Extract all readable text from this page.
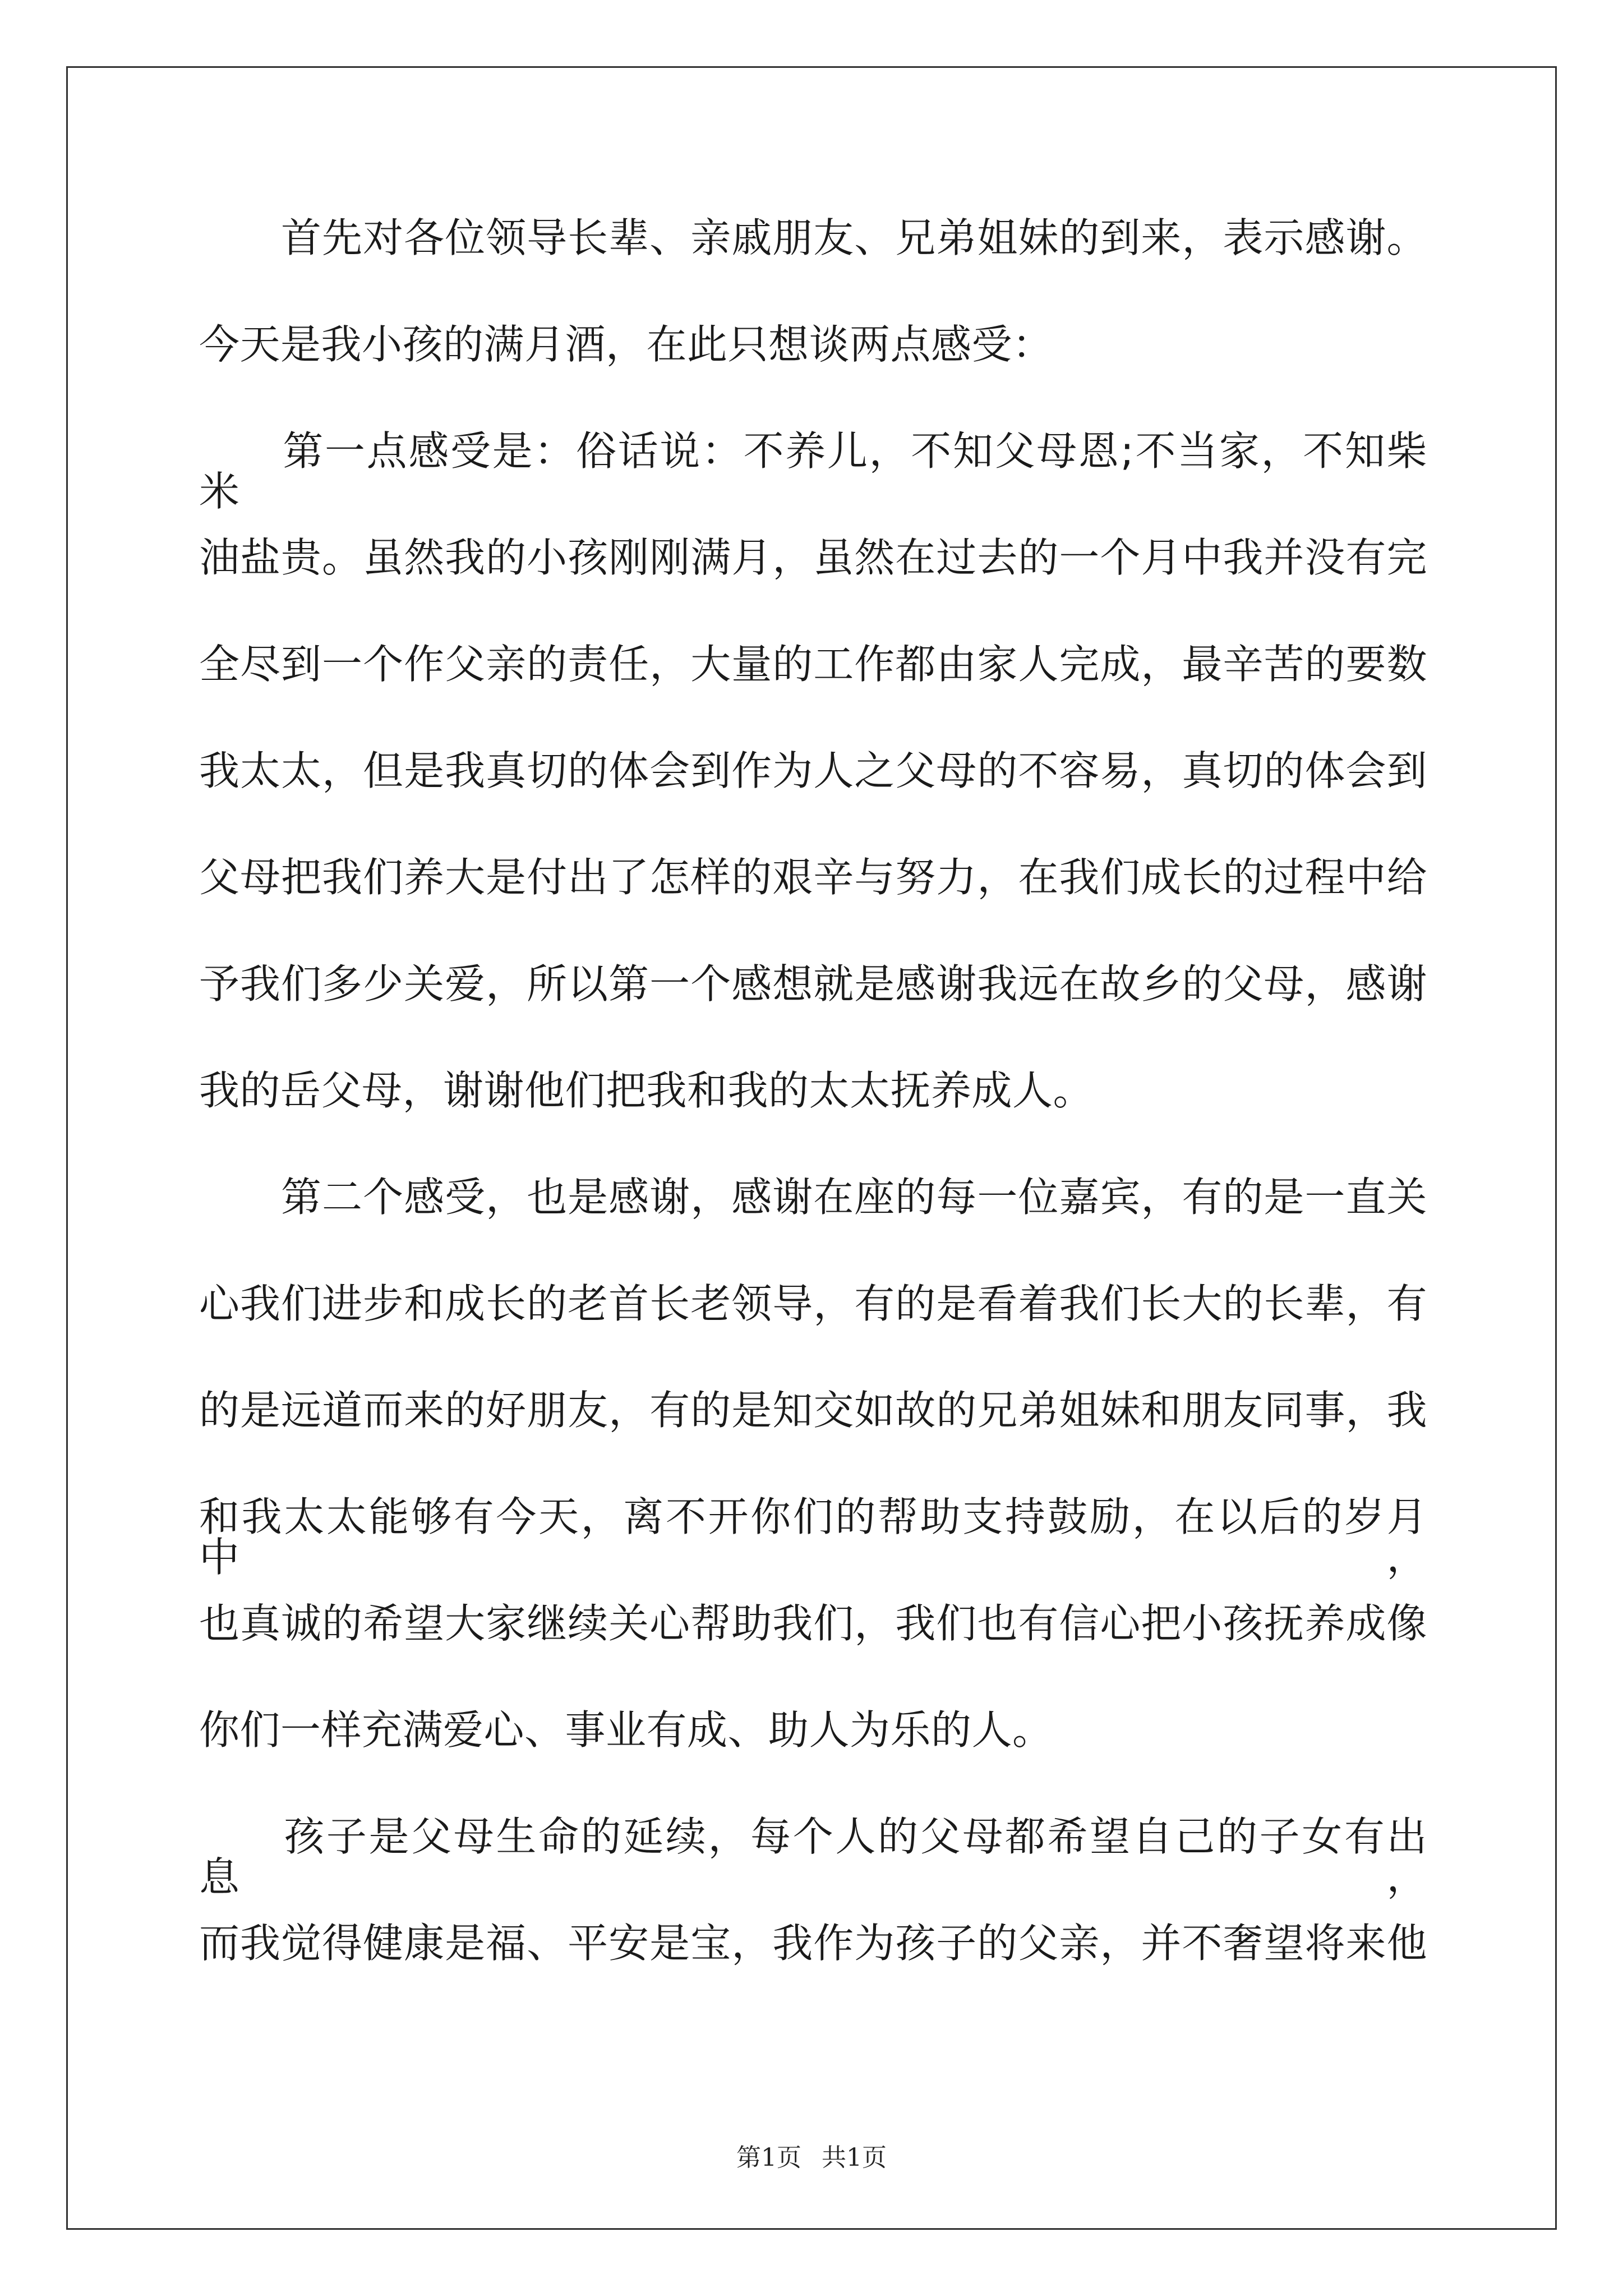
　　首先对各位领导长辈、亲戚朋友、兄弟姐妹的到来，表示感谢。
今天是我小孩的满月酒，在此只想谈两点感受：
　　第一点感受是：俗话说：不养儿，不知父母恩;不当家，不知柴米
油盐贵。虽然我的小孩刚刚满月，虽然在过去的一个月中我并没有完
全尽到一个作父亲的责任，大量的工作都由家人完成，最辛苦的要数
我太太，但是我真切的体会到作为人之父母的不容易，真切的体会到
父母把我们养大是付出了怎样的艰辛与努力，在我们成长的过程中给
予我们多少关爱，所以第一个感想就是感谢我远在故乡的父母，感谢
我的岳父母，谢谢他们把我和我的太太抚养成人。
　　第二个感受，也是感谢，感谢在座的每一位嘉宾，有的是一直关
心我们进步和成长的老首长老领导，有的是看着我们长大的长辈，有
的是远道而来的好朋友，有的是知交如故的兄弟姐妹和朋友同事，我
和我太太能够有今天，离不开你们的帮助支持鼓励，在以后的岁月中，
也真诚的希望大家继续关心帮助我们，我们也有信心把小孩抚养成像
你们一样充满爱心、事业有成、助人为乐的人。
　　孩子是父母生命的延续，每个人的父母都希望自己的子女有出息，
而我觉得健康是福、平安是宝，我作为孩子的父亲，并不奢望将来他
第1页 共1页
